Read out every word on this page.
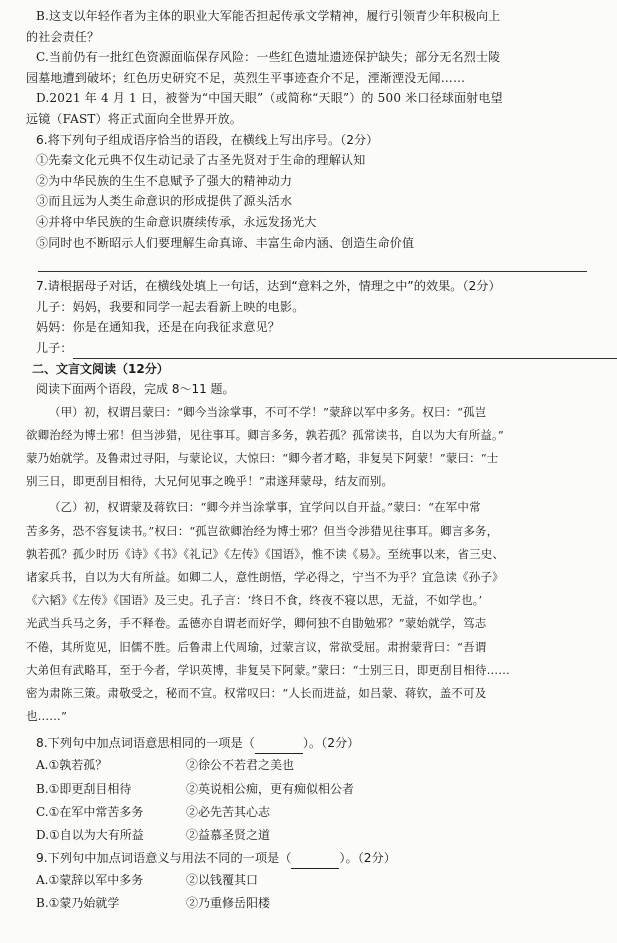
B.这支以年轻作者为主体的职业大军能否担起传承文学精神，履行引领青少年积极向上
的社会责任？
C.当前仍有一批红色资源面临保存风险：一些红色遗址遗迹保护缺失；部分无名烈士陵
园墓地遭到破坏；红色历史研究不足，英烈生平事迹查介不足，湮渐湮没无闻……
D.2021 年 4 月 1 日，被誉为“中国天眼”（或简称“天眼”）的 500 米口径球面射电望
远镜（FAST）将正式面向全世界开放。
6.将下列句子组成语序恰当的语段，在横线上写出序号。（2分）
①先秦文化元典不仅生动记录了古圣先贤对于生命的理解认知
②为中华民族的生生不息赋予了强大的精神动力
③而且远为人类生命意识的形成提供了源头活水
④并将中华民族的生命意识赓续传承，永远发扬光大
⑤同时也不断昭示人们要理解生命真谛、丰富生命内涵、创造生命价值
7.请根据母子对话，在横线处填上一句话，达到“意料之外，情理之中”的效果。（2分）
儿子：妈妈，我要和同学一起去看新上映的电影。
妈妈：你是在通知我，还是在向我征求意见？
儿子：
二、文言文阅读（12分）
阅读下面两个语段，完成 8～11 题。

（甲）初，权谓吕蒙曰：“卿今当涂掌事，不可不学！”蒙辞以军中多务。权曰：“孤岂

欲卿治经为博士邪！但当涉猎，见往事耳。卿言多务，孰若孤？孤常读书，自以为大有所益。”

蒙乃始就学。及鲁肃过寻阳，与蒙论议，大惊曰：“卿今者才略，非复吴下阿蒙！”蒙曰：“士

别三日，即更刮目相待，大兄何见事之晚乎！”肃遂拜蒙母，结友而别。

（乙）初，权谓蒙及蒋钦曰：“卿今并当涂掌事，宜学问以自开益。”蒙曰：“在军中常

苦多务，恐不容复读书。”权曰：“孤岂欲卿治经为博士邪？但当令涉猎见往事耳。卿言多务，

孰若孤？孤少时历《诗》《书》《礼记》《左传》《国语》，惟不读《易》。至统事以来，省三史、

诸家兵书，自以为大有所益。如卿二人，意性朗悟，学必得之，宁当不为乎？宜急读《孙子》

《六韬》《左传》《国语》及三史。孔子言：‘终日不食，终夜不寝以思，无益，不如学也。’

光武当兵马之务，手不释卷。孟德亦自谓老而好学，卿何独不自勖勉邪？”蒙始就学，笃志

不倦，其所览见，旧儒不胜。后鲁肃上代周瑜，过蒙言议，常欲受屈。肃拊蒙背曰：“吾谓

大弟但有武略耳，至于今者，学识英博，非复吴下阿蒙。”蒙曰：“士别三日，即更刮目相待……

密为肃陈三策。肃敬受之，秘而不宣。权常叹曰：“人长而进益，如吕蒙、蒋钦，盖不可及

也……”

8.下列句中加点词语意思相同的一项是（	）。（2分）
A.①孰若孤？	②徐公不若君之美也
B.①即更刮目相待	②英说相公痴，更有痴似相公者
C.①在军中常苦多务	②必先苦其心志
D.①自以为大有所益	②益慕圣贤之道
9.下列句中加点词语意义与用法不同的一项是（	）。（2分）
A.①蒙辞以军中多务	②以钱覆其口
B.①蒙乃始就学	②乃重修岳阳楼
